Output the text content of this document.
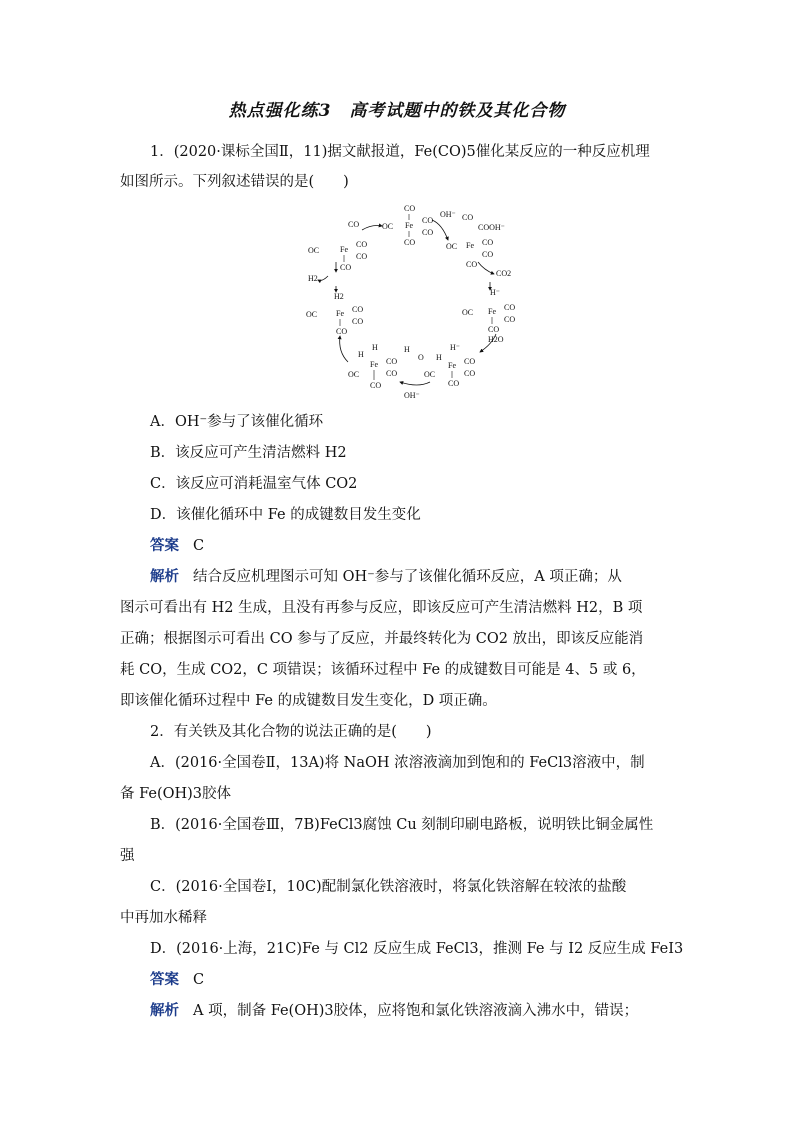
热点强化练3　高考试题中的铁及其化合物
1．(2020·课标全国Ⅱ，11)据文献报道，Fe(CO)5催化某反应的一种反应机理
如图所示。下列叙述错误的是(　　)
CO
Fe
OC
CO
CO
CO
OH⁻
CO
Fe
OC
CO
CO
CO
CO
COOH⁻
Fe
OC	CO
CO
CO
CO2
H2
H2
Fe
OC
CO
CO
CO
H⁻
Fe
OC
CO
CO
CO
H2O
H
H
Fe
OC
CO
CO
CO
H
O H
H⁻
Fe
OC
CO
CO
CO
OH⁻
A．OH⁻参与了该催化循环
B．该反应可产生清洁燃料 H2
C．该反应可消耗温室气体 CO2
D．该催化循环中 Fe 的成键数目发生变化
答案 C
解析 结合反应机理图示可知 OH⁻参与了该催化循环反应，A 项正确；从
图示可看出有 H2 生成，且没有再参与反应，即该反应可产生清洁燃料 H2，B 项
正确；根据图示可看出 CO 参与了反应，并最终转化为 CO2 放出，即该反应能消
耗 CO，生成 CO2，C 项错误；该循环过程中 Fe 的成键数目可能是 4、5 或 6，
即该催化循环过程中 Fe 的成键数目发生变化，D 项正确。
2．有关铁及其化合物的说法正确的是(　　)
A．(2016·全国卷Ⅱ，13A)将 NaOH 浓溶液滴加到饱和的 FeCl3溶液中，制
备 Fe(OH)3胶体
B．(2016·全国卷Ⅲ，7B)FeCl3腐蚀 Cu 刻制印刷电路板，说明铁比铜金属性
强
C．(2016·全国卷Ⅰ，10C)配制氯化铁溶液时，将氯化铁溶解在较浓的盐酸
中再加水稀释
D．(2016·上海，21C)Fe 与 Cl2 反应生成 FeCl3，推测 Fe 与 I2 反应生成 FeI3
答案 C
解析 A 项，制备 Fe(OH)3胶体，应将饱和氯化铁溶液滴入沸水中，错误；
